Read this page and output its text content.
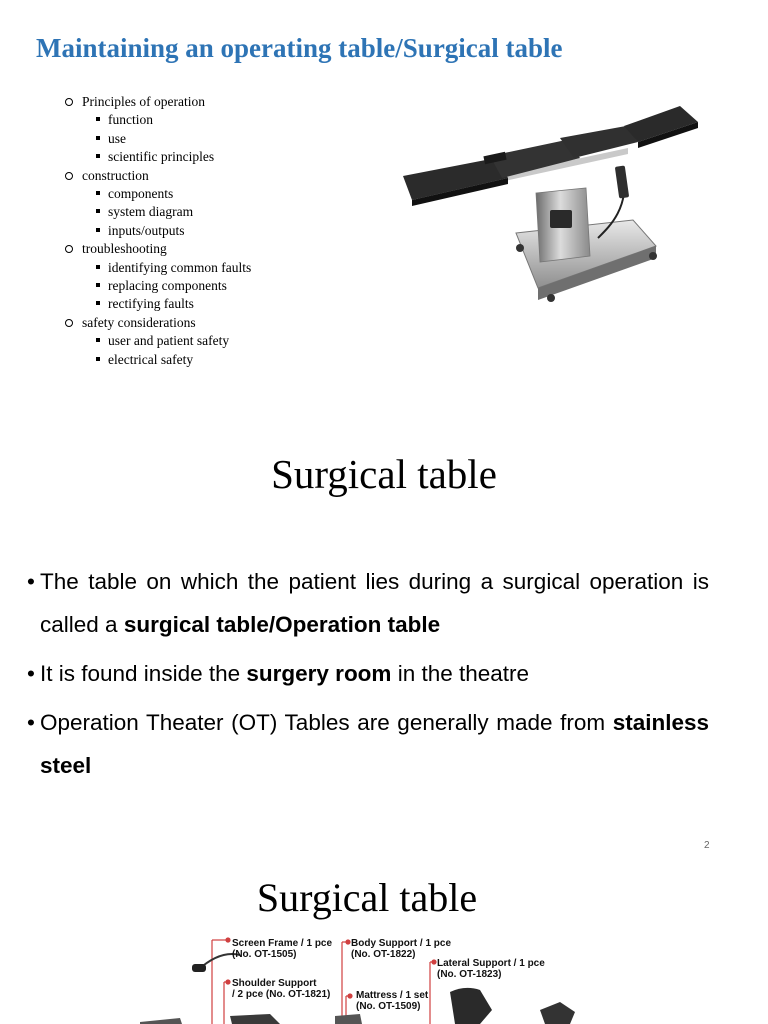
Maintaining an operating table/Surgical table
Principles of operation
function
use
scientific principles
construction
components
system diagram
inputs/outputs
troubleshooting
identifying common faults
replacing components
rectifying faults
safety considerations
user and patient safety
electrical safety
Surgical table

• The table on which the patient lies during a surgical operation is called a surgical table/Operation table

• It is found inside the surgery room in the theatre

• Operation Theater (OT) Tables are generally made from stainless steel

2
Surgical table
Screen Frame / 1 pce
(No. OT-1505)
Body Support / 1 pce
(No. OT-1822)
Lateral Support / 1 pce
(No. OT-1823)
Shoulder Support
/ 2 pce (No. OT-1821)	Mattress / 1 set
(No. OT-1509)
